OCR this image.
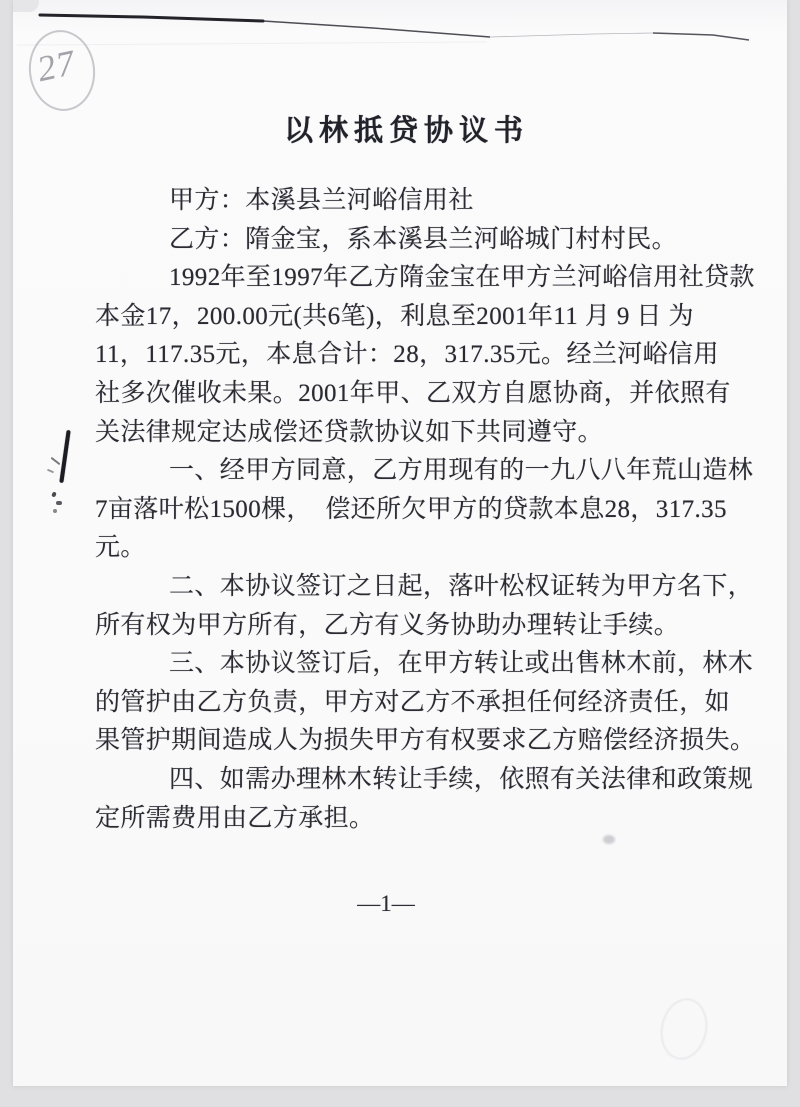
27
以林抵贷协议书
甲方：本溪县兰河峪信用社
乙方：隋金宝，系本溪县兰河峪城门村村民。
1992年至1997年乙方隋金宝在甲方兰河峪信用社贷款
本金17，200.00元(共6笔)，利息至2001年11 月 9 日 为
11，117.35元，本息合计：28，317.35元。经兰河峪信用
社多次催收未果。2001年甲、乙双方自愿协商，并依照有
关法律规定达成偿还贷款协议如下共同遵守。
一、经甲方同意，乙方用现有的一九八八年荒山造林
7亩落叶松1500棵，  偿还所欠甲方的贷款本息28，317.35
元。
二、本协议签订之日起，落叶松权证转为甲方名下，
所有权为甲方所有，乙方有义务协助办理转让手续。
三、本协议签订后，在甲方转让或出售林木前，林木
的管护由乙方负责，甲方对乙方不承担任何经济责任，如
果管护期间造成人为损失甲方有权要求乙方赔偿经济损失。
四、如需办理林木转让手续，依照有关法律和政策规
定所需费用由乙方承担。
—1—
